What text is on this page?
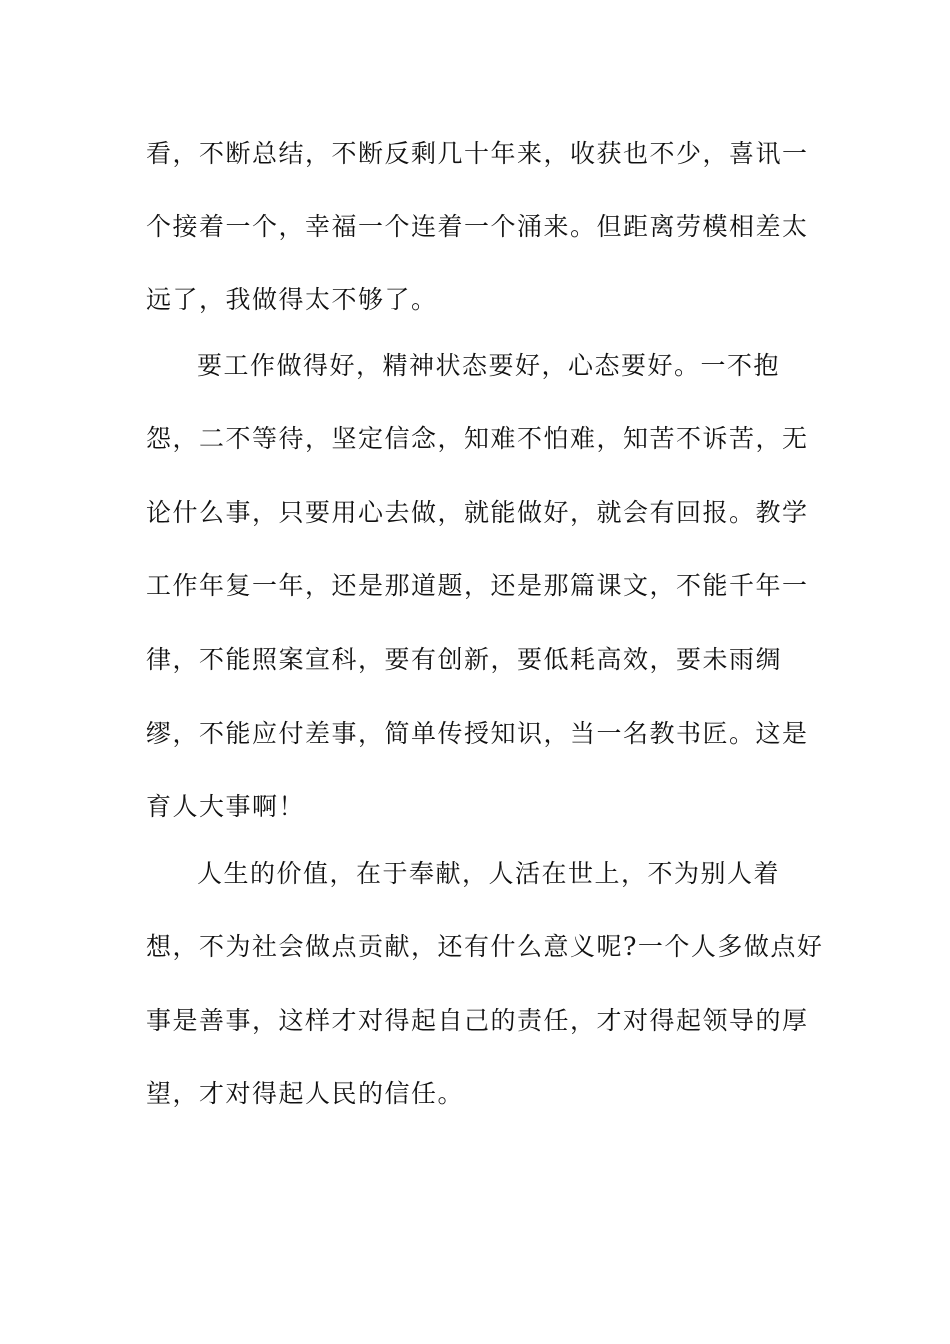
看，不断总结，不断反剩几十年来，收获也不少，喜讯一
个接着一个，幸福一个连着一个涌来。但距离劳模相差太
远了，我做得太不够了。
要工作做得好，精神状态要好，心态要好。一不抱
怨，二不等待，坚定信念，知难不怕难，知苦不诉苦，无
论什么事，只要用心去做，就能做好，就会有回报。教学
工作年复一年，还是那道题，还是那篇课文，不能千年一
律，不能照案宣科，要有创新，要低耗高效，要未雨绸
缪，不能应付差事，简单传授知识，当一名教书匠。这是
育人大事啊！
人生的价值，在于奉献，人活在世上，不为别人着
想，不为社会做点贡献，还有什么意义呢?一个人多做点好
事是善事，这样才对得起自己的责任，才对得起领导的厚
望，才对得起人民的信任。
